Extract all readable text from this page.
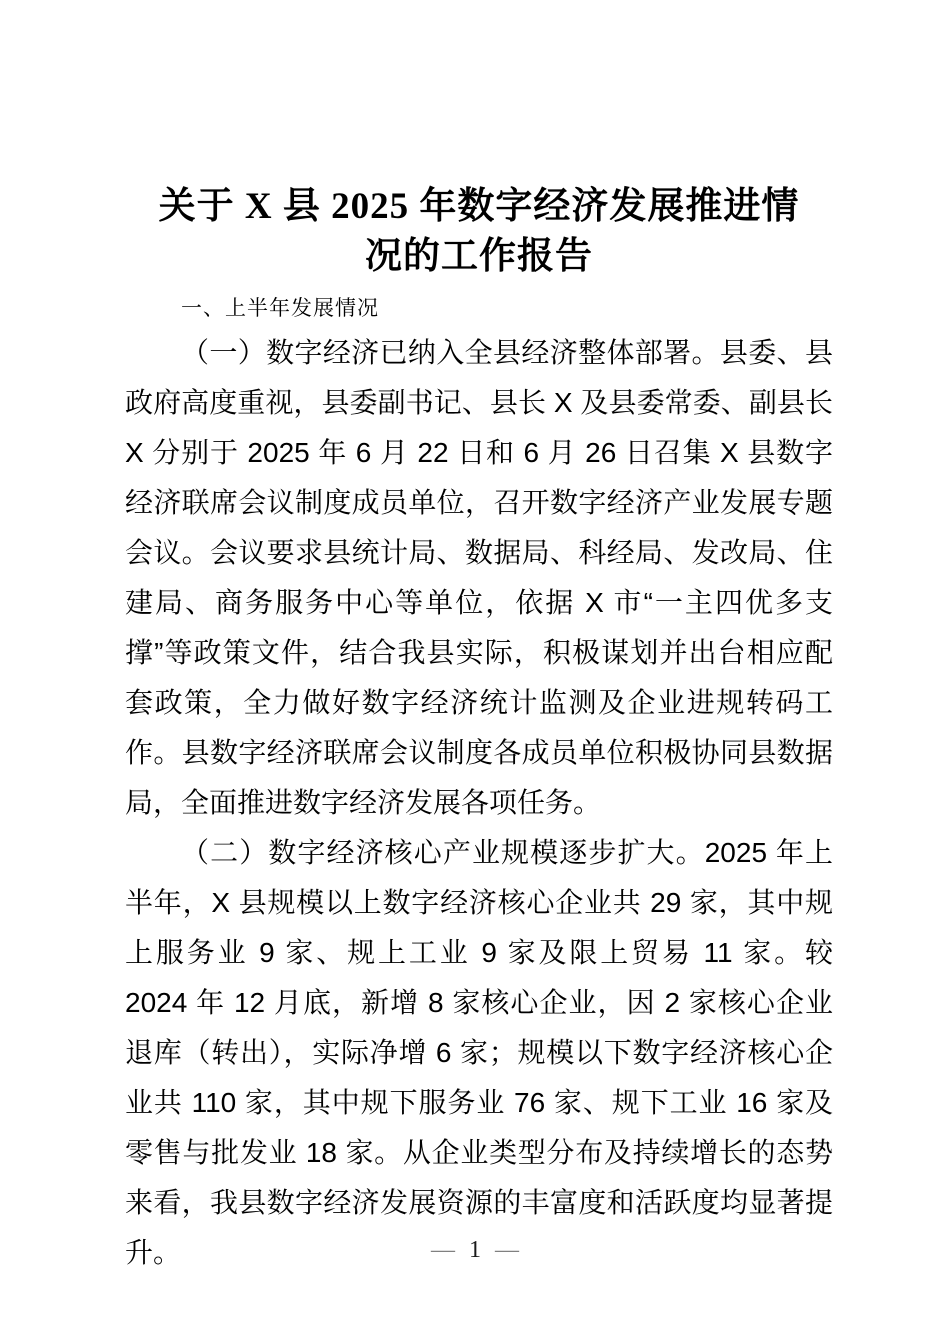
关于 X 县 2025 年数字经济发展推进情
况的工作报告
一、上半年发展情况

（一）数字经济已纳入全县经济整体部署。县委、县政府高度重视，县委副书记、县长 X 及县委常委、副县长 X 分别于 2025 年 6 月 22 日和 6 月 26 日召集 X 县数字经济联席会议制度成员单位，召开数字经济产业发展专题会议。会议要求县统计局、数据局、科经局、发改局、住建局、商务服务中心等单位，依据 X 市“一主四优多支撑”等政策文件，结合我县实际，积极谋划并出台相应配套政策，全力做好数字经济统计监测及企业进规转码工作。县数字经济联席会议制度各成员单位积极协同县数据局，全面推进数字经济发展各项任务。

（二）数字经济核心产业规模逐步扩大。2025 年上半年，X 县规模以上数字经济核心企业共 29 家，其中规上服务业 9 家、规上工业 9 家及限上贸易 11 家。较 2024 年 12 月底，新增 8 家核心企业，因 2 家核心企业退库（转出），实际净增 6 家；规模以下数字经济核心企业共 110 家，其中规下服务业 76 家、规下工业 16 家及零售与批发业 18 家。从企业类型分布及持续增长的态势来看，我县数字经济发展资源的丰富度和活跃度均显著提升。	— 1 —
